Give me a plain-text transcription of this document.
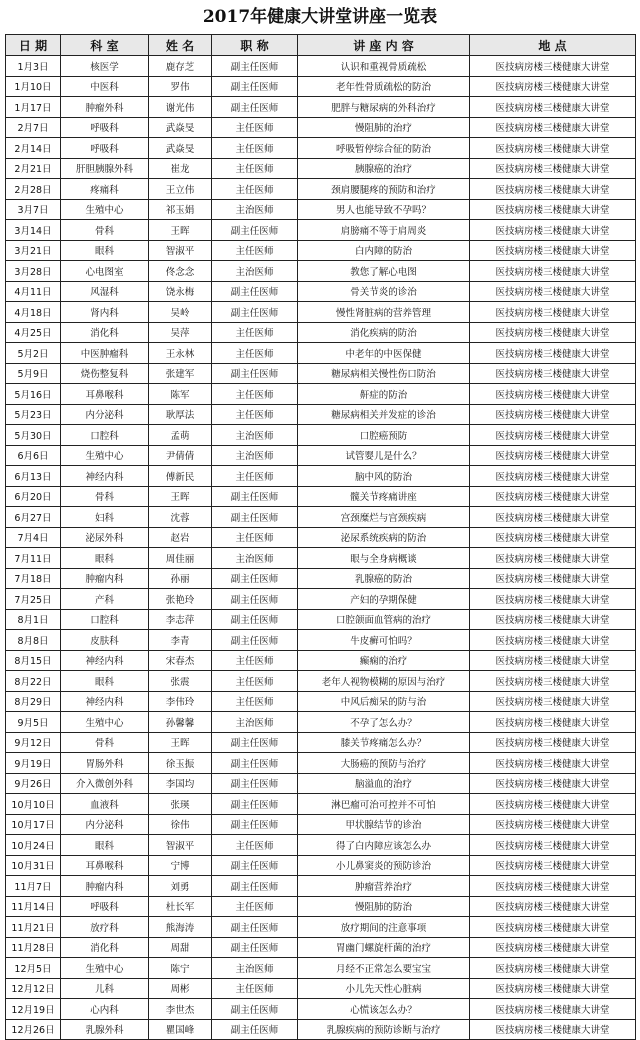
2017年健康大讲堂讲座一览表
日 期	科 室	姓 名	职 称	讲 座 内 容	地 点
1月3日	核医学	鹿存芝	副主任医师	认识和重视骨质疏松	医技病房楼三楼健康大讲堂
1月10日	中医科	罗伟	副主任医师	老年性骨质疏松的防治	医技病房楼三楼健康大讲堂
1月17日	肿瘤外科	谢光伟	副主任医师	肥胖与糖尿病的外科治疗	医技病房楼三楼健康大讲堂
2月7日	呼吸科	武焱旻	主任医师	慢阻肺的治疗	医技病房楼三楼健康大讲堂
2月14日	呼吸科	武焱旻	主任医师	呼吸暂停综合征的防治	医技病房楼三楼健康大讲堂
2月21日	肝胆胰腺外科	崔龙	主任医师	胰腺癌的治疗	医技病房楼三楼健康大讲堂
2月28日	疼痛科	王立伟	主任医师	颈肩腰腿疼的预防和治疗	医技病房楼三楼健康大讲堂
3月7日	生殖中心	祁玉娟	主治医师	男人也能导致不孕吗？	医技病房楼三楼健康大讲堂
3月14日	骨科	王晖	副主任医师	肩膀痛不等于肩周炎	医技病房楼三楼健康大讲堂
3月21日	眼科	智淑平	主任医师	白内障的防治	医技病房楼三楼健康大讲堂
3月28日	心电图室	佟念念	主治医师	教您了解心电图	医技病房楼三楼健康大讲堂
4月11日	风湿科	饶永梅	副主任医师	骨关节炎的诊治	医技病房楼三楼健康大讲堂
4月18日	肾内科	吴岭	副主任医师	慢性肾脏病的营养管理	医技病房楼三楼健康大讲堂
4月25日	消化科	吴萍	主任医师	消化疾病的防治	医技病房楼三楼健康大讲堂
5月2日	中医肿瘤科	王永林	主任医师	中老年的中医保健	医技病房楼三楼健康大讲堂
5月9日	烧伤整复科	张建军	副主任医师	糖尿病相关慢性伤口防治	医技病房楼三楼健康大讲堂
5月16日	耳鼻喉科	陈军	主任医师	鼾症的防治	医技病房楼三楼健康大讲堂
5月23日	内分泌科	耿厚法	主任医师	糖尿病相关并发症的诊治	医技病房楼三楼健康大讲堂
5月30日	口腔科	孟萌	主治医师	口腔癌预防	医技病房楼三楼健康大讲堂
6月6日	生殖中心	尹倩倩	主治医师	试管婴儿是什么？	医技病房楼三楼健康大讲堂
6月13日	神经内科	傅新民	主任医师	脑中风的防治	医技病房楼三楼健康大讲堂
6月20日	骨科	王晖	副主任医师	髋关节疼痛讲座	医技病房楼三楼健康大讲堂
6月27日	妇科	沈蓉	副主任医师	宫颈糜烂与宫颈疾病	医技病房楼三楼健康大讲堂
7月4日	泌尿外科	赵岩	主任医师	泌尿系统疾病的防治	医技病房楼三楼健康大讲堂
7月11日	眼科	周佳丽	主治医师	眼与全身病概谈	医技病房楼三楼健康大讲堂
7月18日	肿瘤内科	孙丽	副主任医师	乳腺癌的防治	医技病房楼三楼健康大讲堂
7月25日	产科	张艳玲	副主任医师	产妇的孕期保健	医技病房楼三楼健康大讲堂
8月1日	口腔科	李志萍	副主任医师	口腔颌面血管病的治疗	医技病房楼三楼健康大讲堂
8月8日	皮肤科	李青	副主任医师	牛皮癣可怕吗？	医技病房楼三楼健康大讲堂
8月15日	神经内科	宋春杰	主任医师	癫痫的治疗	医技病房楼三楼健康大讲堂
8月22日	眼科	张震	主任医师	老年人视物模糊的原因与治疗	医技病房楼三楼健康大讲堂
8月29日	神经内科	李伟玲	主任医师	中风后痴呆的防与治	医技病房楼三楼健康大讲堂
9月5日	生殖中心	孙馨馨	主治医师	不孕了怎么办？	医技病房楼三楼健康大讲堂
9月12日	骨科	王晖	副主任医师	膝关节疼痛怎么办？	医技病房楼三楼健康大讲堂
9月19日	胃肠外科	徐玉振	副主任医师	大肠癌的预防与治疗	医技病房楼三楼健康大讲堂
9月26日	介入微创外科	李国均	副主任医师	脑溢血的治疗	医技病房楼三楼健康大讲堂
10月10日	血液科	张瑛	副主任医师	淋巴瘤可治可控并不可怕	医技病房楼三楼健康大讲堂
10月17日	内分泌科	徐伟	副主任医师	甲状腺结节的诊治	医技病房楼三楼健康大讲堂
10月24日	眼科	智淑平	主任医师	得了白内障应该怎么办	医技病房楼三楼健康大讲堂
10月31日	耳鼻喉科	宁博	副主任医师	小儿鼻窦炎的预防诊治	医技病房楼三楼健康大讲堂
11月7日	肿瘤内科	刘勇	副主任医师	肿瘤营养治疗	医技病房楼三楼健康大讲堂
11月14日	呼吸科	杜长军	主任医师	慢阻肺的防治	医技病房楼三楼健康大讲堂
11月21日	放疗科	熊海涛	副主任医师	放疗期间的注意事项	医技病房楼三楼健康大讲堂
11月28日	消化科	周甜	副主任医师	胃幽门螺旋杆菌的治疗	医技病房楼三楼健康大讲堂
12月5日	生殖中心	陈宁	主治医师	月经不正常怎么要宝宝	医技病房楼三楼健康大讲堂
12月12日	儿科	周彬	主任医师	小儿先天性心脏病	医技病房楼三楼健康大讲堂
12月19日	心内科	李世杰	副主任医师	心慌该怎么办？	医技病房楼三楼健康大讲堂
12月26日	乳腺外科	瞿国峰	副主任医师	乳腺疾病的预防诊断与治疗	医技病房楼三楼健康大讲堂
